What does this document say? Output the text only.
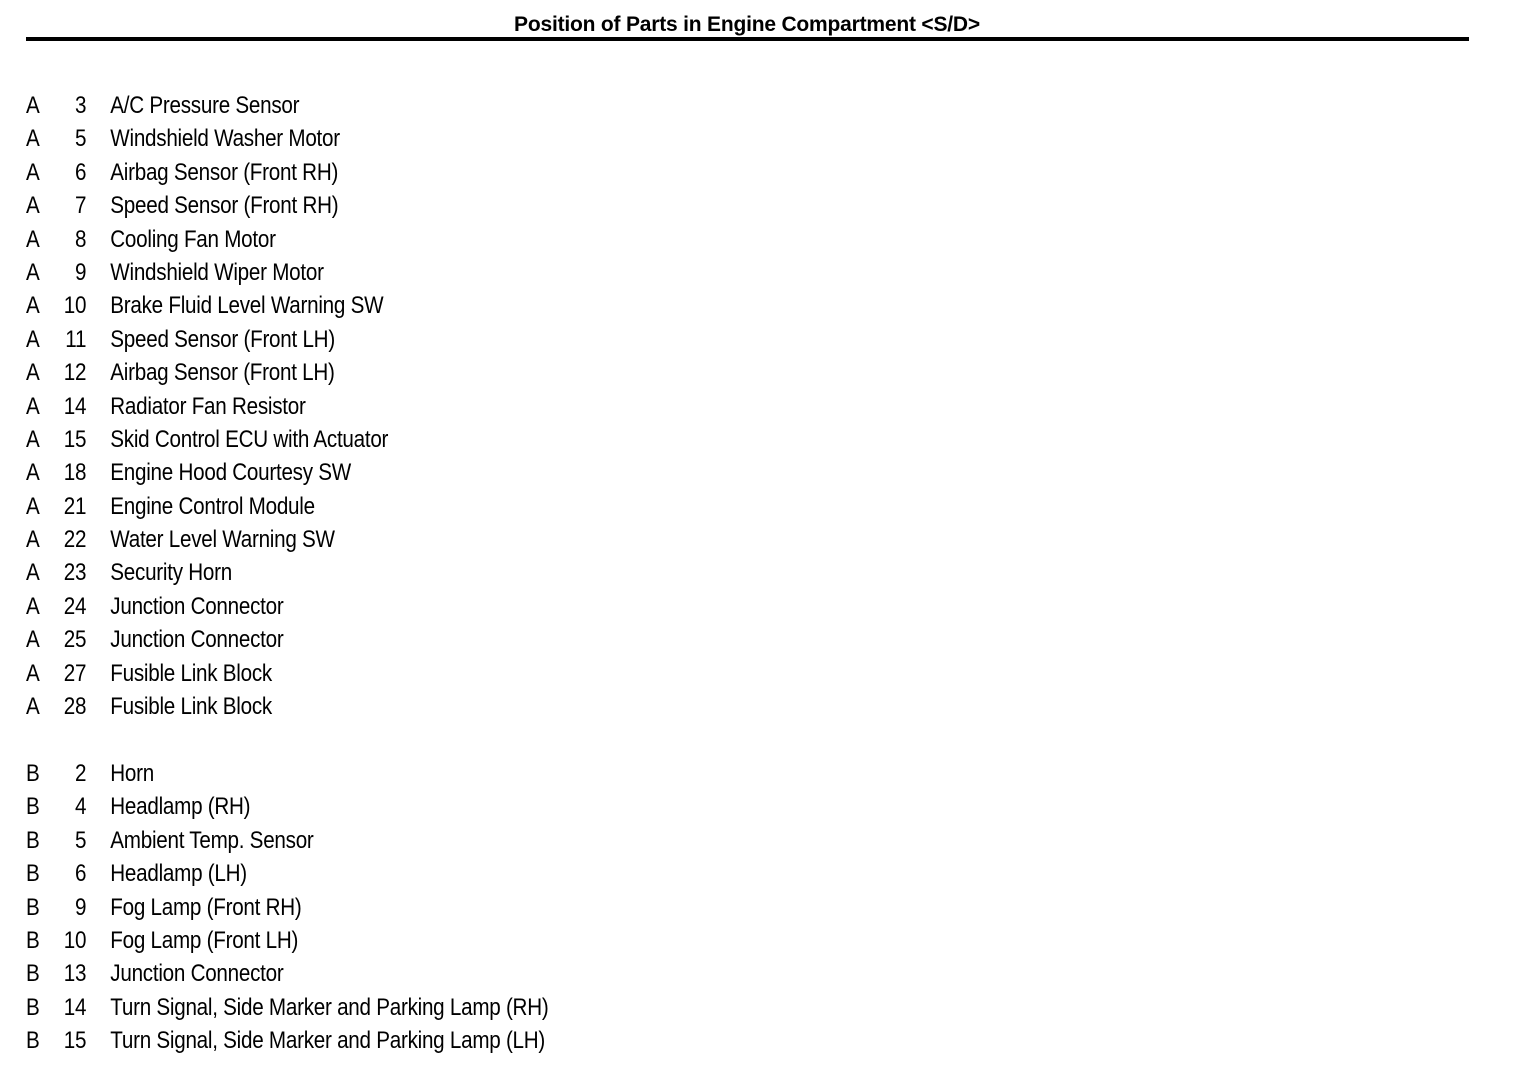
Position of Parts in Engine Compartment <S/D>
A	3 A/C Pressure Sensor
A	5 Windshield Washer Motor
A	6 Airbag Sensor (Front RH)
A	7 Speed Sensor (Front RH)
A	8 Cooling Fan Motor
A	9 Windshield Wiper Motor
A	10 Brake Fluid Level Warning SW
A	11 Speed Sensor (Front LH)
A	12 Airbag Sensor (Front LH)
A	14 Radiator Fan Resistor
A	15 Skid Control ECU with Actuator
A	18 Engine Hood Courtesy SW
A	21 Engine Control Module
A	22 Water Level Warning SW
A	23 Security Horn
A	24 Junction Connector
A	25 Junction Connector
A	27 Fusible Link Block
A	28 Fusible Link Block
B	2 Horn
B	4 Headlamp (RH)
B	5 Ambient Temp. Sensor
B	6 Headlamp (LH)
B	9 Fog Lamp (Front RH)
B	10 Fog Lamp (Front LH)
B	13 Junction Connector
B	14 Turn Signal, Side Marker and Parking Lamp (RH)
B	15 Turn Signal, Side Marker and Parking Lamp (LH)
